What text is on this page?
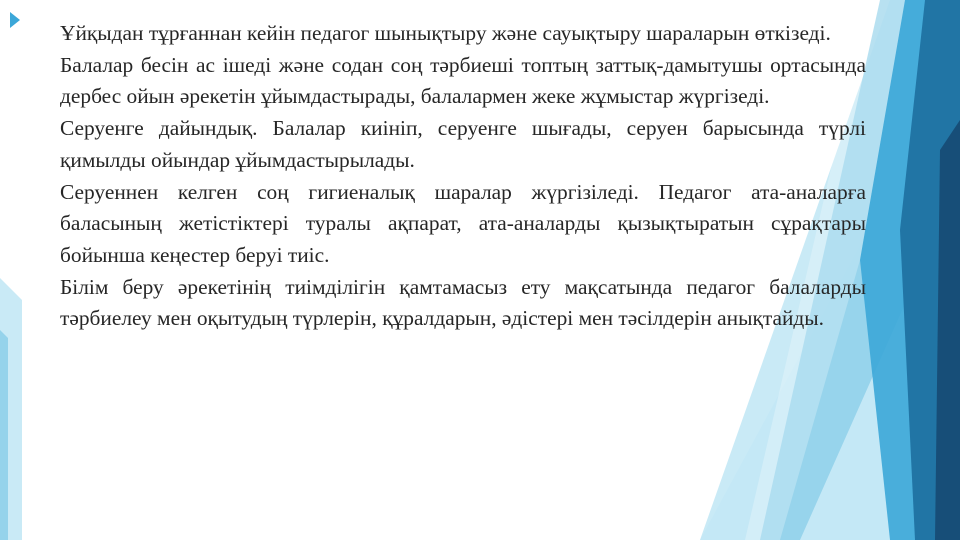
Ұйқыдан тұрғаннан кейін педагог шынықтыру және сауықтыру шараларын өткізеді.

Балалар бесін ас ішеді және содан соң тәрбиеші топтың заттық-дамытушы ортасында дербес ойын әрекетін ұйымдастырады, балалармен жеке жұмыстар жүргізеді.

Серуенге дайындық. Балалар киініп, серуенге шығады, серуен барысында түрлі қимылды ойындар ұйымдастырылады.

Серуеннен келген соң гигиеналық шаралар жүргізіледі. Педагог ата-аналарға баласының жетістіктері туралы ақпарат, ата-аналарды қызықтыратын сұрақтары бойынша кеңестер беруі тиіс.

Білім беру әрекетінің тиімділігін қамтамасыз ету мақсатында педагог балаларды тәрбиелеу мен оқытудың түрлерін, құралдарын, әдістері мен тәсілдерін анықтайды.
